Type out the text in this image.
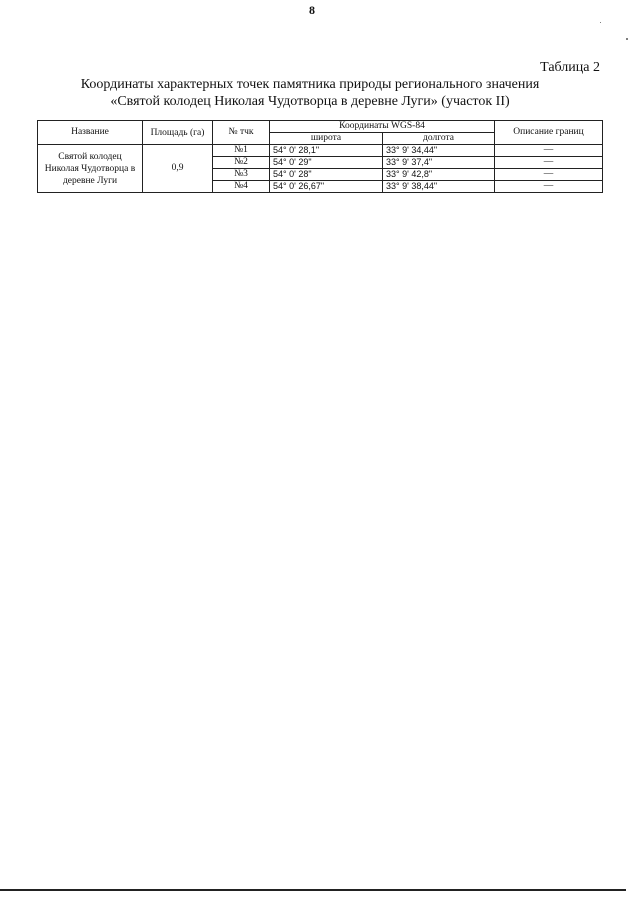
8
Таблица 2
Координаты характерных точек памятника природы регионального значения
«Святой колодец Николая Чудотворца в деревне Луги» (участок II)
Название	Площадь (га)	№ тчк	Координаты WGS-84		Описание границ
			широта	долгота	
Святой колодец Николая Чудотворца в деревне Луги	0,9	№1	54° 0' 28,1"	33° 9' 34,44"	—
		№2	54° 0' 29"	33° 9' 37,4"	—
		№3	54° 0' 28"	33° 9' 42,8"	—
		№4	54° 0' 26,67"	33° 9' 38,44"	—
